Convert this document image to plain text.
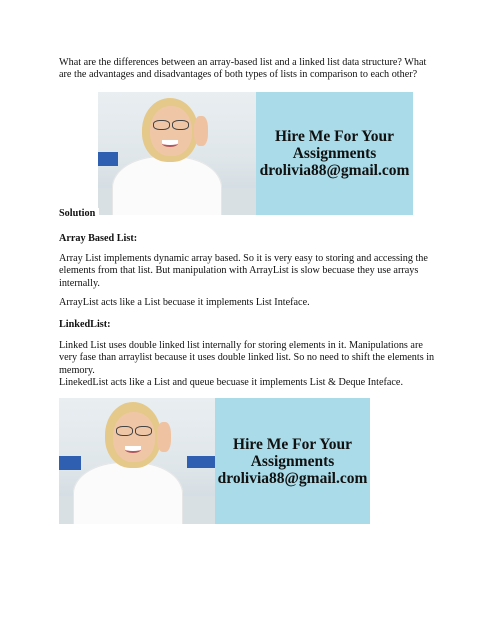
What are the differences between an array-based list and a linked list data structure? What are the advantages and disadvantages of both types of lists in comparison to each other?
Hire Me For Your
Assignments
drolivia88@gmail.com
Solution
Array Based List:
Array List implements dynamic array based. So it is very easy to storing and accessing the elements from that list. But manipulation with ArrayList is slow becuase they use arrays internally.
ArrayList acts like a List becuase it implements List Inteface.
LinkedList:
Linked List uses double linked list internally for storing elements in it. Manipulations are very fase than arraylist because it uses double linked list. So no need to shift the elements in memory.
LinekedList acts like a List and queue becuase it implements List & Deque Inteface.
Hire Me For Your
Assignments
drolivia88@gmail.com
